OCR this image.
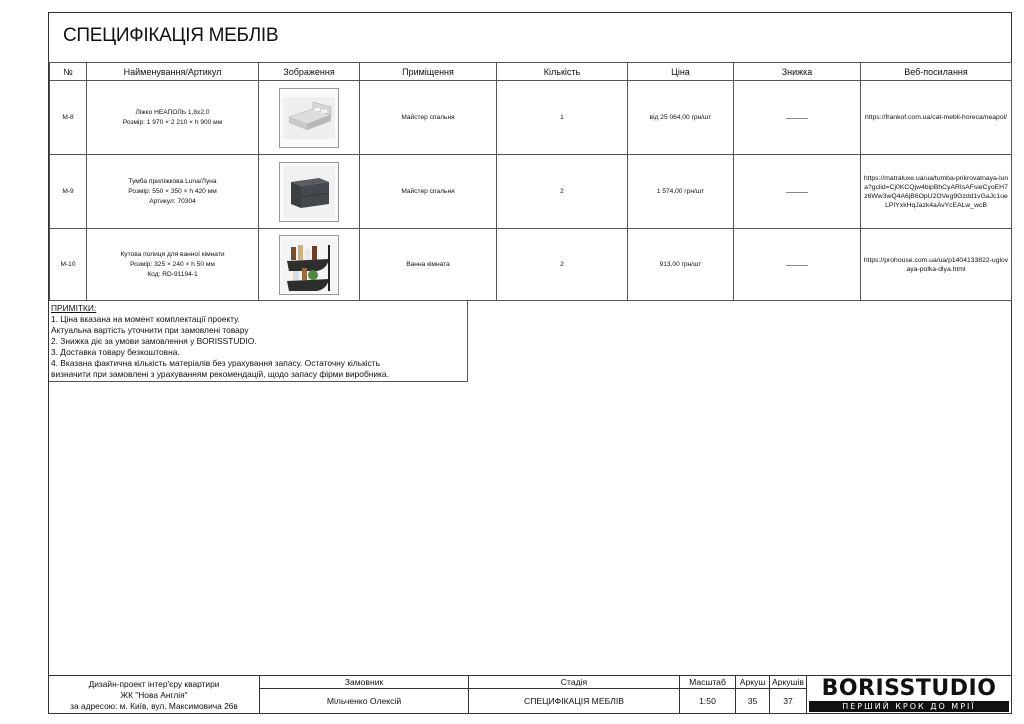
СПЕЦИФІКАЦІЯ МЕБЛІВ
№	Найменування/Артикул	Зображення	Приміщення	Кількість	Ціна	Знижка	Веб-посилання
М-8	Ліжко НЕАПОЛЬ 1,8х2,0
Розмір: 1 970 × 2 210 × h 900 мм		Майстер спальня	1	від 25 064,00 грн/шт		https://frankof.com.ua/cat-mebli-horeca/neapol/
М-9	Тумба приліжкова Luna/Луна
Розмір: 550 × 350 × h 420 мм
Артикул: 70304		Майстер спальня	2	1 574,00 грн/шт		https://matraluxe.ua/ua/tumba-prikrovatnaya-luna?gclid=Cj0KCQjw4bipBhCyARIsAFsieCyoEH7z6Ww3wQ4A6jB6OpU2OVeg9Gzdd1vGaJc1ueLPIYxkHqJazk4aAvYcEALw_wcB
М-10	Кутова полиця для ванної кімнати
Розмір: 325 × 240 × h 50 мм
Код: RD-91194-1		Ванна кімната	2	913,00 грн/шт		https://prohouse.com.ua/ua/p1404133822-uglovaya-polka-dlya.html
ПРИМІТКИ:
1. Ціна вказана на момент комплектації проекту.
Актуальна вартість уточнити при замовлені товару
2. Знижка діє за умови замовлення у BORISSTUDIO.
3. Доставка товару безкоштовна.
4. Вказана фактична кількість матеріалів без урахування запасу. Остаточну кількість
визначити при замовлені з урахуванням рекомендацій, щодо запасу фірми виробника.
Дизайн-проект інтер'єру квартири
ЖК "Нова Англія"
за адресою: м. Київ, вул. Максимовича 26в
Замовник
Мільченко Олексій
Стадія
СПЕЦИФІКАЦІЯ МЕБЛІВ
Масштаб
1:50
Аркуш
35
Аркушів
37	BORISSTUDIO
ПЕРШИЙ КРОК ДО МРІЇ
